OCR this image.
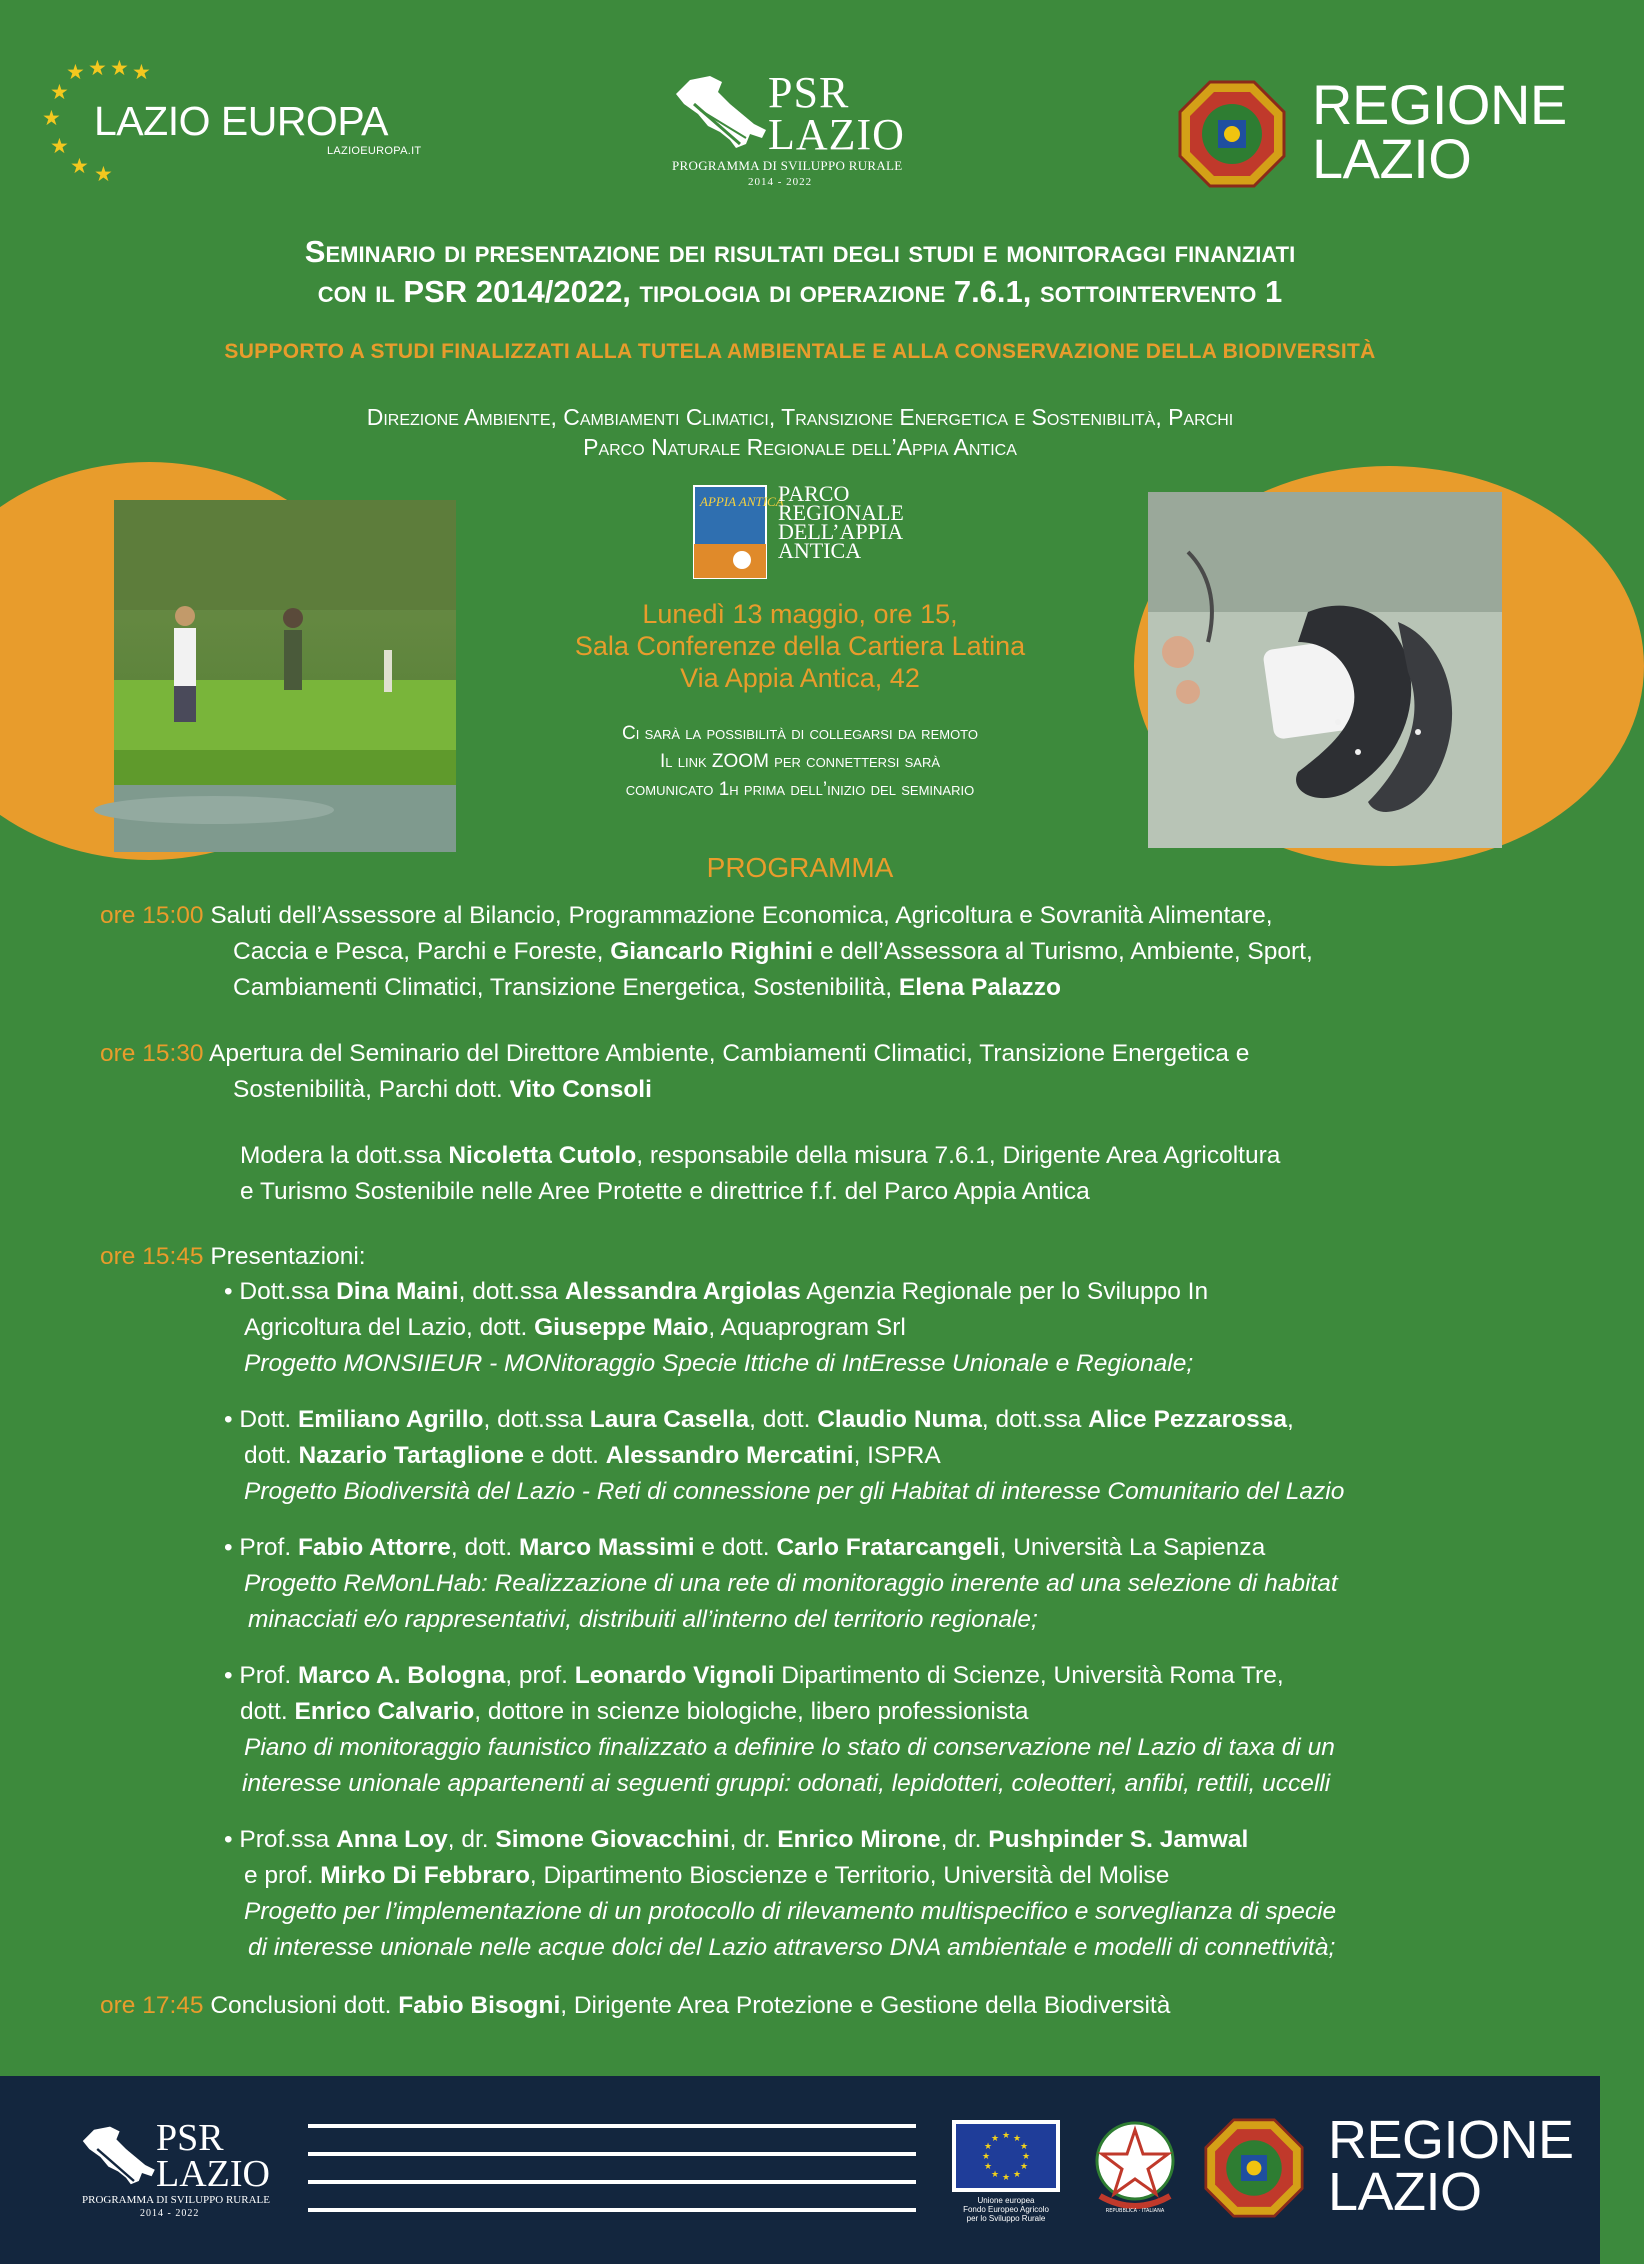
★ ★ ★ ★
★
★
★
★ ★
LAZIO EUROPA
LAZIOEUROPA.IT
PSR
LAZIO
PROGRAMMA DI SVILUPPO RURALE
2014 - 2022
REGIONE
LAZIO
Seminario di presentazione dei risultati degli studi e monitoraggi finanziati
con il PSR 2014/2022, tipologia di operazione 7.6.1, sottointervento 1
SUPPORTO A STUDI FINALIZZATI ALLA TUTELA AMBIENTALE E ALLA CONSERVAZIONE DELLA BIODIVERSITÀ
Direzione Ambiente, Cambiamenti Climatici, Transizione Energetica e Sostenibilità, Parchi
Parco Naturale Regionale dell’Appia Antica
APPIA ANTICA
PARCO
REGIONALE
DELL’APPIA
ANTICA
Lunedì 13 maggio, ore 15,
Sala Conferenze della Cartiera Latina
Via Appia Antica, 42
Ci sarà la possibilità di collegarsi da remoto
Il link ZOOM per connettersi sarà
comunicato 1h prima dell’inizio del seminario
PROGRAMMA
ore 15:00 Saluti dell’Assessore al Bilancio, Programmazione Economica, Agricoltura e Sovranità Alimentare,
Caccia e Pesca, Parchi e Foreste, Giancarlo Righini e dell’Assessora al Turismo, Ambiente, Sport,
Cambiamenti Climatici, Transizione Energetica, Sostenibilità, Elena Palazzo
ore 15:30 Apertura del Seminario del Direttore Ambiente, Cambiamenti Climatici, Transizione Energetica e
Sostenibilità, Parchi dott. Vito Consoli
Modera la dott.ssa Nicoletta Cutolo, responsabile della misura 7.6.1, Dirigente Area Agricoltura
e Turismo Sostenibile nelle Aree Protette e direttrice f.f. del Parco Appia Antica
ore 15:45 Presentazioni:
• Dott.ssa Dina Maini, dott.ssa Alessandra Argiolas Agenzia Regionale per lo Sviluppo In
Agricoltura del Lazio, dott. Giuseppe Maio, Aquaprogram Srl
Progetto MONSIIEUR - MONitoraggio Specie Ittiche di IntEresse Unionale e Regionale;
• Dott. Emiliano Agrillo, dott.ssa Laura Casella, dott. Claudio Numa, dott.ssa Alice Pezzarossa,
dott. Nazario Tartaglione e dott. Alessandro Mercatini, ISPRA
Progetto Biodiversità del Lazio - Reti di connessione per gli Habitat di interesse Comunitario del Lazio
• Prof. Fabio Attorre, dott. Marco Massimi e dott. Carlo Fratarcangeli, Università La Sapienza
Progetto ReMonLHab: Realizzazione di una rete di monitoraggio inerente ad una selezione di habitat
minacciati e/o rappresentativi, distribuiti all’interno del territorio regionale;
• Prof. Marco A. Bologna, prof. Leonardo Vignoli Dipartimento di Scienze, Università Roma Tre,
dott. Enrico Calvario, dottore in scienze biologiche, libero professionista
Piano di monitoraggio faunistico finalizzato a definire lo stato di conservazione nel Lazio di taxa di un
interesse unionale appartenenti ai seguenti gruppi: odonati, lepidotteri, coleotteri, anfibi, rettili, uccelli
• Prof.ssa Anna Loy, dr. Simone Giovacchini, dr. Enrico Mirone, dr. Pushpinder S. Jamwal
e prof. Mirko Di Febbraro, Dipartimento Bioscienze e Territorio, Università del Molise
Progetto per l’implementazione di un protocollo di rilevamento multispecifico e sorveglianza di specie
di interesse unionale nelle acque dolci del Lazio attraverso DNA ambientale e modelli di connettività;
ore 17:45 Conclusioni dott. Fabio Bisogni, Dirigente Area Protezione e Gestione della Biodiversità
PSR
LAZIO
PROGRAMMA DI SVILUPPO RURALE
2014 - 2022
★ ★
★
★
★
★
★
★
★
★
★
★
Unione europea
Fondo Europeo Agricolo
per lo Sviluppo Rurale
REPUBBLICA · ITALIANA
REGIONE
LAZIO
